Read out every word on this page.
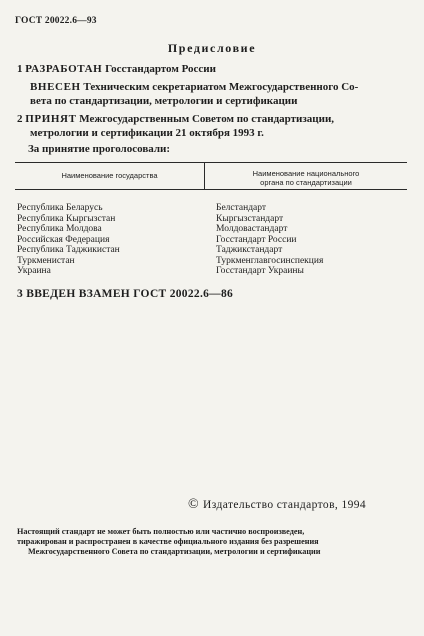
ГОСТ 20022.6—93
Предисловие
1 РАЗРАБОТАН Госстандартом России
ВНЕСЕН Техническим секретариатом Межгосударственного Со-
вета по стандартизации, метрологии и сертификации
2 ПРИНЯТ Межгосударственным Советом по стандартизации,
метрологии и сертификации 21 октября 1993 г.
За принятие проголосовали:
Наименование государства	Наименование национального
органа по стандартизации
Республика Беларусь	Белстандарт
Республика Кыргызстан	Кыргызстандарт
Республика Молдова	Молдовастандарт
Российская Федерация	Госстандарт России
Республика Таджикистан	Таджикстандарт
Туркменистан	Туркменглавгосинспекция
Украина	Госстандарт Украины
3 ВВЕДЕН ВЗАМЕН ГОСТ 20022.6—86
© Издательство стандартов, 1994
Настоящий стандарт не может быть полностью или частично воспроизведен,
тиражирован и распространен в качестве официального издания без разрешения
Межгосударственного Совета по стандартизации, метрологии и сертификации
